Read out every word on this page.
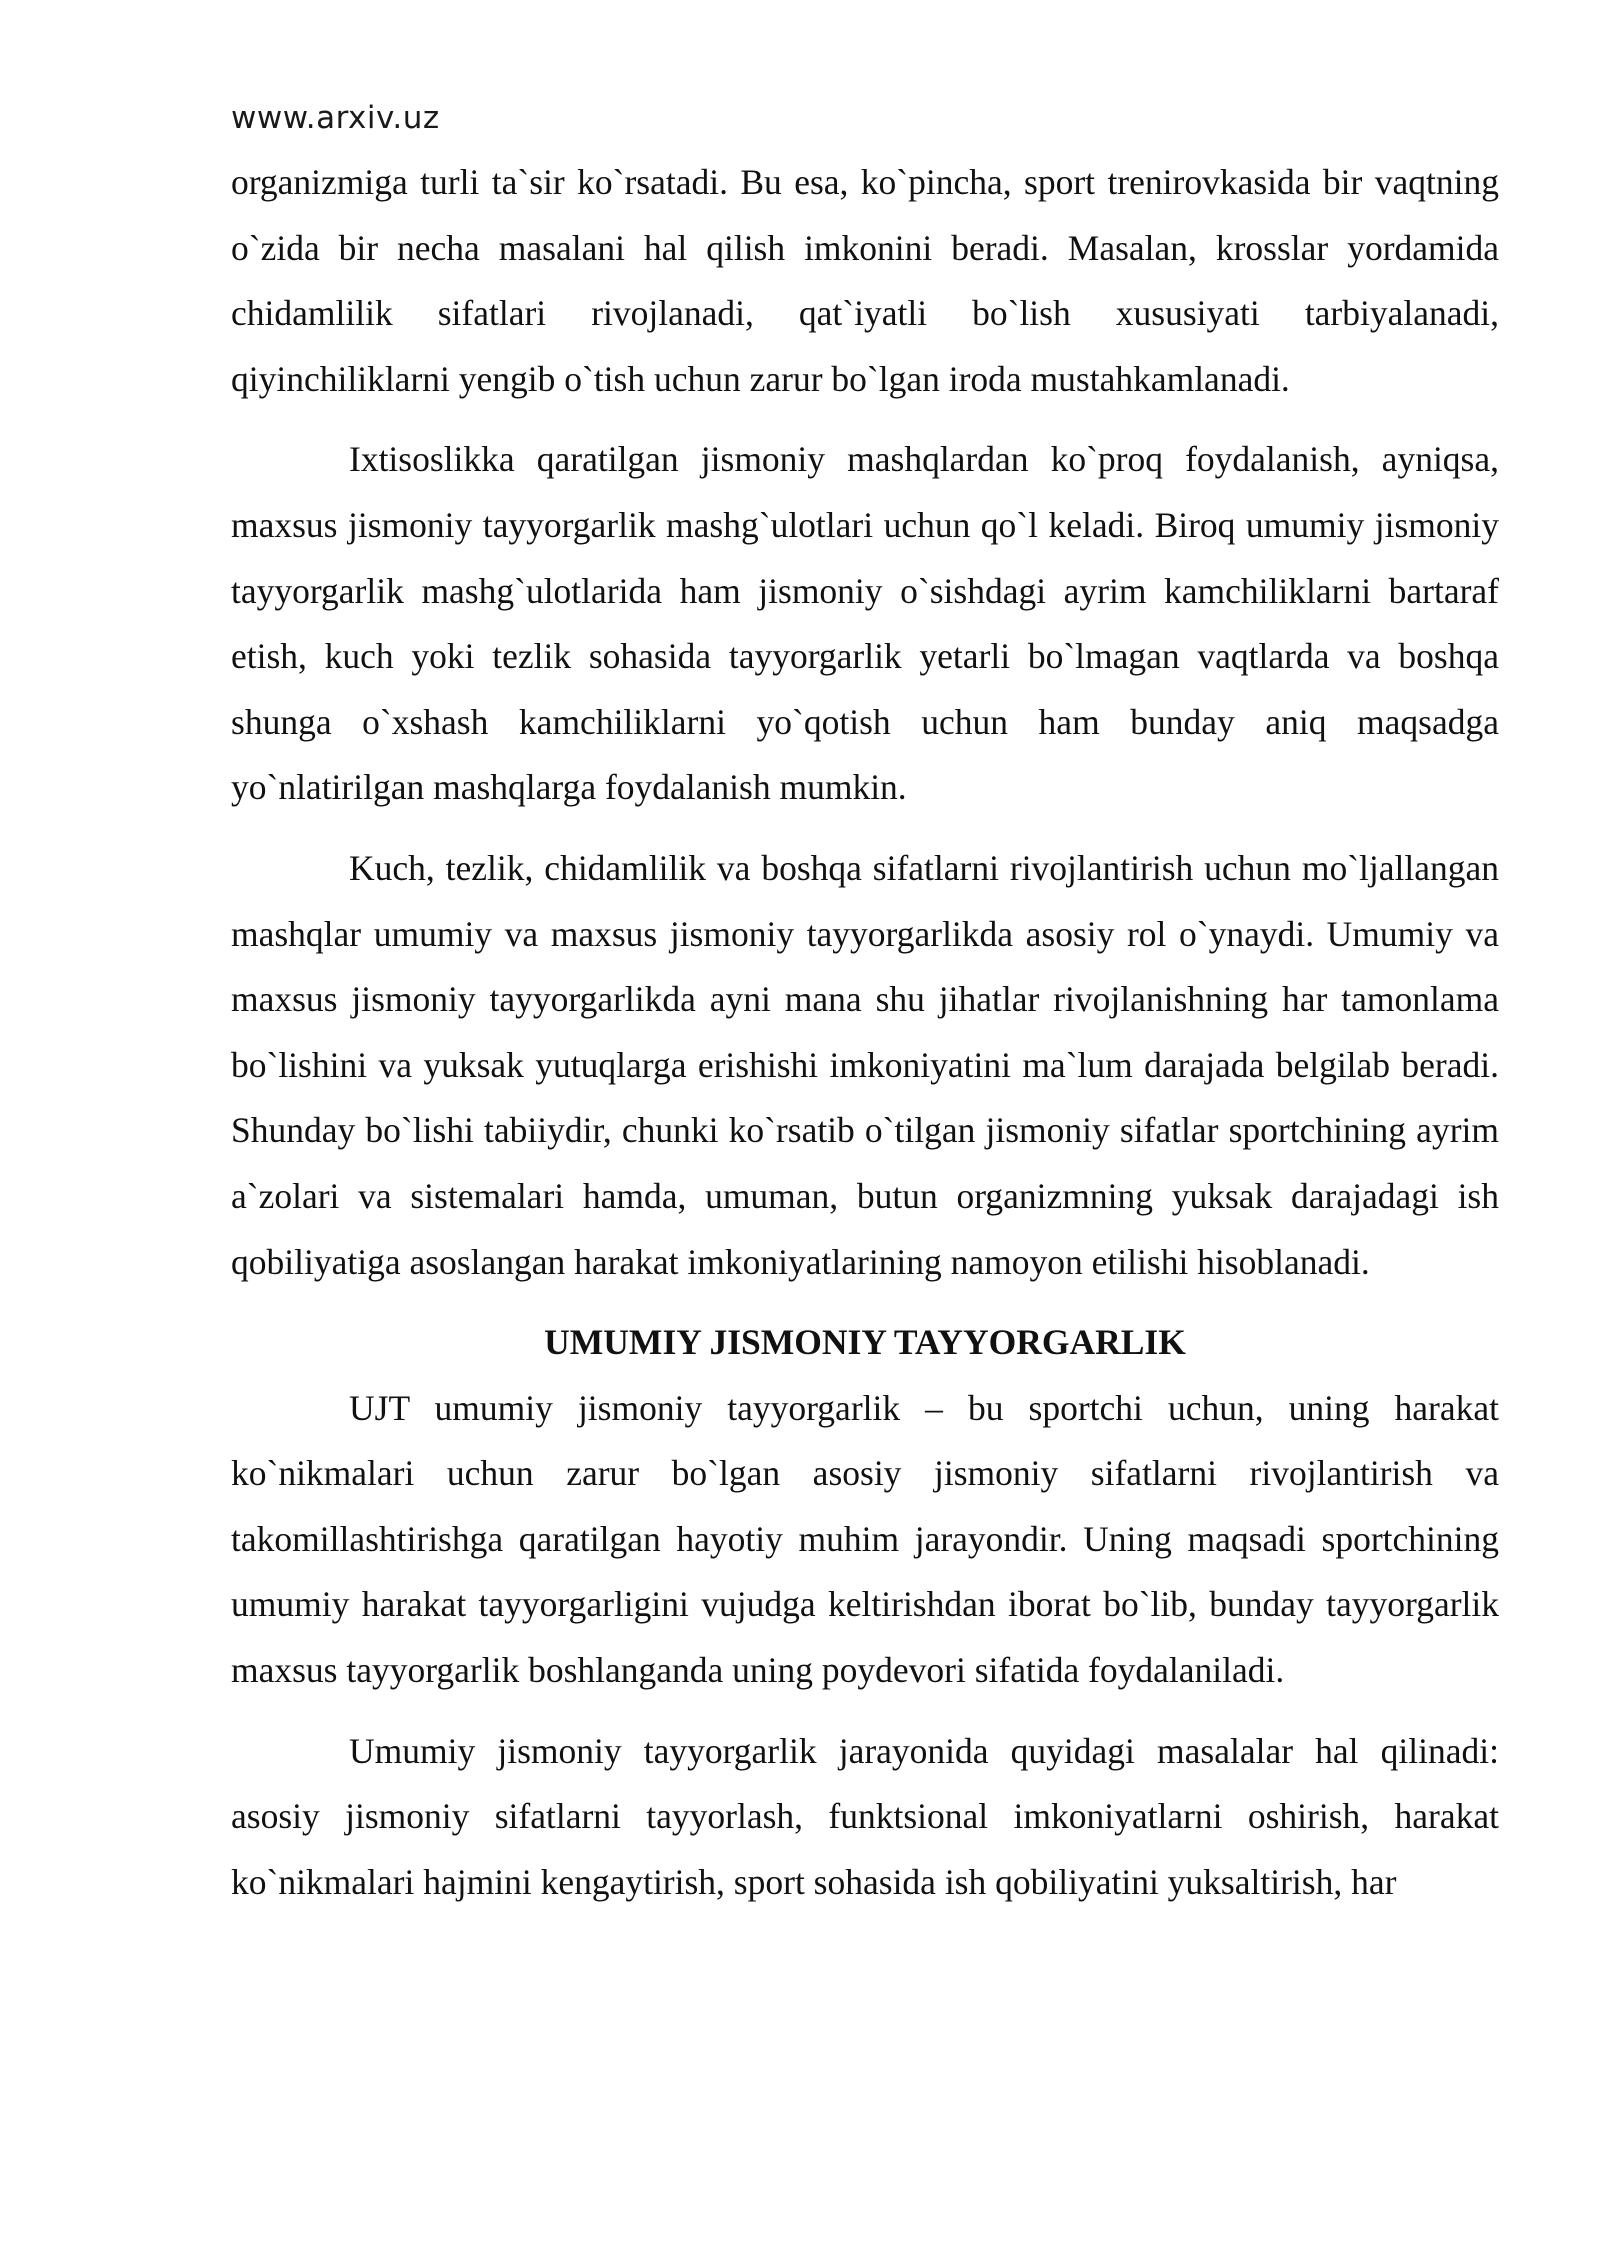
www.arxiv.uz

organizmiga turli ta`sir ko`rsatadi. Bu esa, ko`pincha, sport trenirovkasida bir vaqtning o`zida bir necha masalani hal qilish imkonini beradi. Masalan, krosslar yordamida chidamlilik sifatlari rivojlanadi, qat`iyatli bo`lish xususiyati tarbiyalanadi, qiyinchiliklarni yengib o`tish uchun zarur bo`lgan iroda mustahkamlanadi.

Ixtisoslikka qaratilgan jismoniy mashqlardan ko`proq foydalanish, ayniqsa, maxsus jismoniy tayyorgarlik mashg`ulotlari uchun qo`l keladi. Biroq umumiy jismoniy tayyorgarlik mashg`ulotlarida ham jismoniy o`sishdagi ayrim kamchiliklarni bartaraf etish, kuch yoki tezlik sohasida tayyorgarlik yetarli bo`lmagan vaqtlarda va boshqa shunga o`xshash kamchiliklarni yo`qotish uchun ham bunday aniq maqsadga yo`nlatirilgan mashqlarga foydalanish mumkin.

Kuch, tezlik, chidamlilik va boshqa sifatlarni rivojlantirish uchun mo`ljallangan mashqlar umumiy va maxsus jismoniy tayyorgarlikda asosiy rol o`ynaydi. Umumiy va maxsus jismoniy tayyorgarlikda ayni mana shu jihatlar rivojlanishning har tamonlama bo`lishini va yuksak yutuqlarga erishishi imkoniyatini ma`lum darajada belgilab beradi. Shunday bo`lishi tabiiydir, chunki ko`rsatib o`tilgan jismoniy sifatlar sportchining ayrim a`zolari va sistemalari hamda, umuman, butun organizmning yuksak darajadagi ish qobiliyatiga asoslangan harakat imkoniyatlarining namoyon etilishi hisoblanadi.

UMUMIY JISMONIY TAYYORGARLIK

UJT umumiy jismoniy tayyorgarlik – bu sportchi uchun, uning harakat ko`nikmalari uchun zarur bo`lgan asosiy jismoniy sifatlarni rivojlantirish va takomillashtirishga qaratilgan hayotiy muhim jarayondir. Uning maqsadi sportchining umumiy harakat tayyorgarligini vujudga keltirishdan iborat bo`lib, bunday tayyorgarlik maxsus tayyorgarlik boshlanganda uning poydevori sifatida foydalaniladi.

Umumiy jismoniy tayyorgarlik jarayonida quyidagi masalalar hal qilinadi: asosiy jismoniy sifatlarni tayyorlash, funktsional imkoniyatlarni oshirish, harakat ko`nikmalari hajmini kengaytirish, sport sohasida ish qobiliyatini yuksaltirish, har
